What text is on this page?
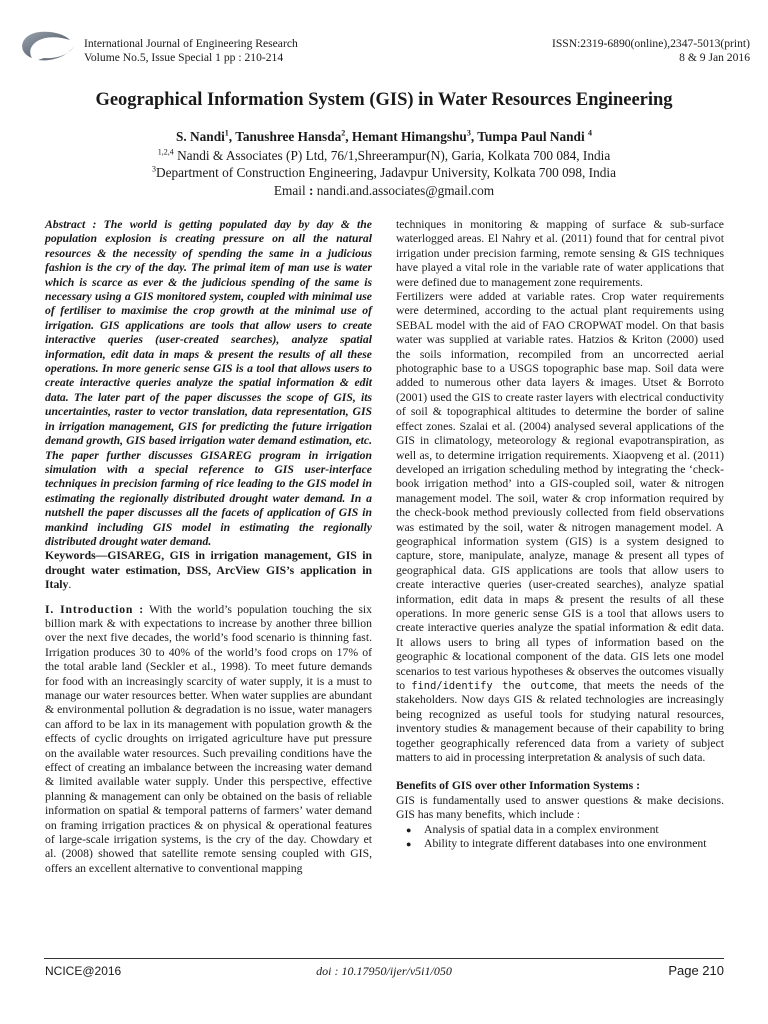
IJER International Journal of Engineering Research
Volume No.5, Issue Special 1 pp : 210-214
ISSN:2319-6890(online),2347-5013(print)
8 & 9 Jan 2016
Geographical Information System (GIS) in Water Resources Engineering
S. Nandi$^1$, Tanushree Hansda$^2$, Hemant Himangshu$^3$, Tumpa Paul Nandi $^4$
$^{1,2,4}$ Nandi & Associates (P) Ltd, 76/1,Shreerampur(N), Garia, Kolkata 700 084, India
$^3$Department of Construction Engineering, Jadavpur University, Kolkata 700 098, India
Email : nandi.and.associates@gmail.com

Abstract : The world is getting populated day by day & the population explosion is creating pressure on all the natural resources & the necessity of spending the same in a judicious fashion is the cry of the day. The primal item of man use is water which is scarce as ever & the judicious spending of the same is necessary using a GIS monitored system, coupled with minimal use of fertiliser to maximise the crop growth at the minimal use of irrigation. GIS applications are tools that allow users to create interactive queries (user-created searches), analyze spatial information, edit data in maps & present the results of all these operations. In more generic sense GIS is a tool that allows users to create interactive queries analyze the spatial information & edit data. The later part of the paper discusses the scope of GIS, its uncertainties, raster to vector translation, data representation, GIS in irrigation management, GIS for predicting the future irrigation demand growth, GIS based irrigation water demand estimation, etc. The paper further discusses GISAREG program in irrigation simulation with a special reference to GIS user-interface techniques in precision farming of rice leading to the GIS model in estimating the regionally distributed drought water demand. In a nutshell the paper discusses all the facets of application of GIS in mankind including GIS model in estimating the regionally distributed drought water demand.

Keywords—GISAREG, GIS in irrigation management, GIS in drought water estimation, DSS, ArcView GIS’s application in Italy.

I. Introduction : With the world’s population touching the six billion mark & with expectations to increase by another three billion over the next five decades, the world’s food scenario is thinning fast. Irrigation produces 30 to 40% of the world’s food crops on 17% of the total arable land (Seckler et al., 1998). To meet future demands for food with an increasingly scarcity of water supply, it is a must to manage our water resources better. When water supplies are abundant & environmental pollution & degradation is no issue, water managers can afford to be lax in its management with population growth & the effects of cyclic droughts on irrigated agriculture have put pressure on the available water resources. Such prevailing conditions have the effect of creating an imbalance between the increasing water demand & limited available water supply. Under this perspective, effective planning & management can only be obtained on the basis of reliable information on spatial & temporal patterns of farmers’ water demand on framing irrigation practices & on physical & operational features of large-scale irrigation systems, is the cry of the day. Chowdary et al. (2008) showed that satellite remote sensing coupled with GIS, offers an excellent alternative to conventional mapping

techniques in monitoring & mapping of surface & sub-surface waterlogged areas. El Nahry et al. (2011) found that for central pivot irrigation under precision farming, remote sensing & GIS techniques have played a vital role in the variable rate of water applications that were defined due to management zone requirements.

Fertilizers were added at variable rates. Crop water requirements were determined, according to the actual plant requirements using SEBAL model with the aid of FAO CROPWAT model. On that basis water was supplied at variable rates. Hatzios & Kriton (2000) used the soils information, recompiled from an uncorrected aerial photographic base to a USGS topographic base map. Soil data were added to numerous other data layers & images. Utset & Borroto (2001) used the GIS to create raster layers with electrical conductivity of soil & topographical altitudes to determine the border of saline effect zones. Szalai et al. (2004) analysed several applications of the GIS in climatology, meteorology & regional evapotranspiration, as well as, to determine irrigation requirements. Xiaopveng et al. (2011) developed an irrigation scheduling method by integrating the ‘check-book irrigation method’ into a GIS-coupled soil, water & nitrogen management model. The soil, water & crop information required by the check-book method previously collected from field observations was estimated by the soil, water & nitrogen management model. A geographical information system (GIS) is a system designed to capture, store, manipulate, analyze, manage & present all types of geographical data. GIS applications are tools that allow users to create interactive queries (user-created searches), analyze spatial information, edit data in maps & present the results of all these operations. In more generic sense GIS is a tool that allows users to create interactive queries analyze the spatial information & edit data. It allows users to bring all types of information based on the geographic & locational component of the data. GIS lets one model scenarios to test various hypotheses & observes the outcomes visually to find/identify the outcome, that meets the needs of the stakeholders. Now days GIS & related technologies are increasingly being recognized as useful tools for studying natural resources, inventory studies & management because of their capability to bring together geographically referenced data from a variety of subject matters to aid in processing interpretation & analysis of such data.

Benefits of GIS over other Information Systems :

GIS is fundamentally used to answer questions & make decisions. GIS has many benefits, which include :

● Analysis of spatial data in a complex environment
● Ability to integrate different databases into one environment
NCICE@2016	doi : 10.17950/ijer/v5i1/050	Page 210
